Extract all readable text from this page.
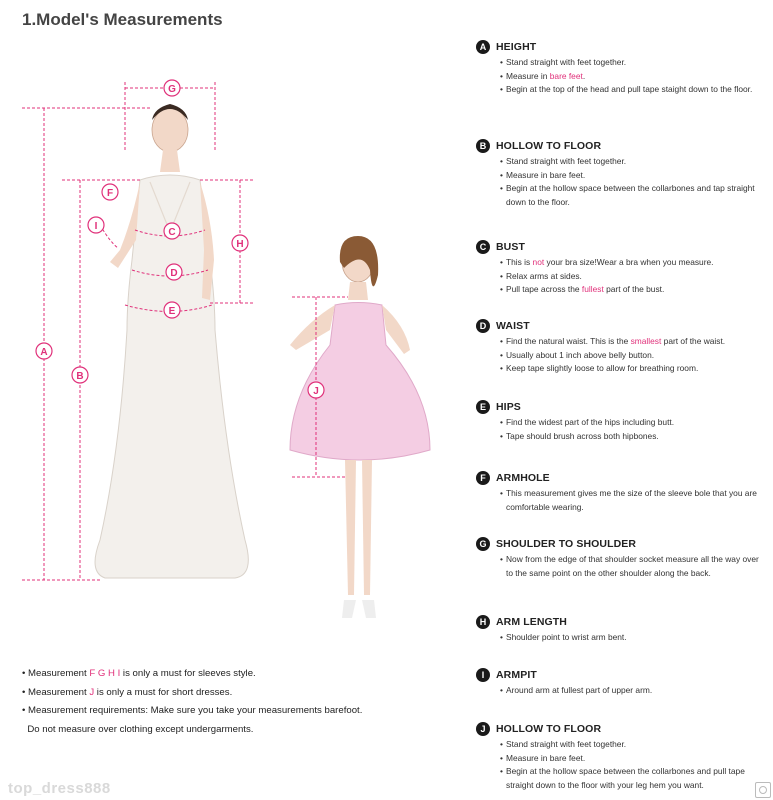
1.Model's Measurements
G
F
I
C
H
D
E
A
B
J
A HEIGHT
• Stand straight with feet together.
• Measure in bare feet.
• Begin at the top of the head and pull tape staight down to the floor.
B HOLLOW TO FLOOR
• Stand straight with feet together.
• Measure in bare feet.
• Begin at the hollow space between the collarbones and tap straight down to the floor.
C BUST
• This is not your bra size!Wear a bra when you measure.
• Relax arms at sides.
• Pull tape across the fullest part of the bust.
D WAIST
• Find the natural waist. This is the smallest part of the waist.
• Usually about 1 inch above belly button.
• Keep tape slightly loose to allow for breathing room.
E HIPS
• Find the widest part of the hips including butt.
• Tape should brush across both hipbones.
F ARMHOLE
• This measurement gives me the size of the sleeve bole that you are comfortable wearing.
G SHOULDER TO SHOULDER
• Now from the edge of that shoulder socket measure all the way over to the same point on the other shoulder along the back.
H ARM LENGTH
• Shoulder point to wrist arm bent.
I	ARMPIT
• Around arm at fullest part of upper arm.
J	HOLLOW TO FLOOR
• Stand straight with feet together.
• Measure in bare feet.
• Begin at the hollow space between the collarbones and pull tape straight down to the floor with your leg hem you want.

• Measurement F G H I is only a must for sleeves style.

• Measurement J is only a must for short dresses.

• Measurement requirements: Make sure you take your measurements barefoot.

Do not measure over clothing except undergarments.

top_dress888
